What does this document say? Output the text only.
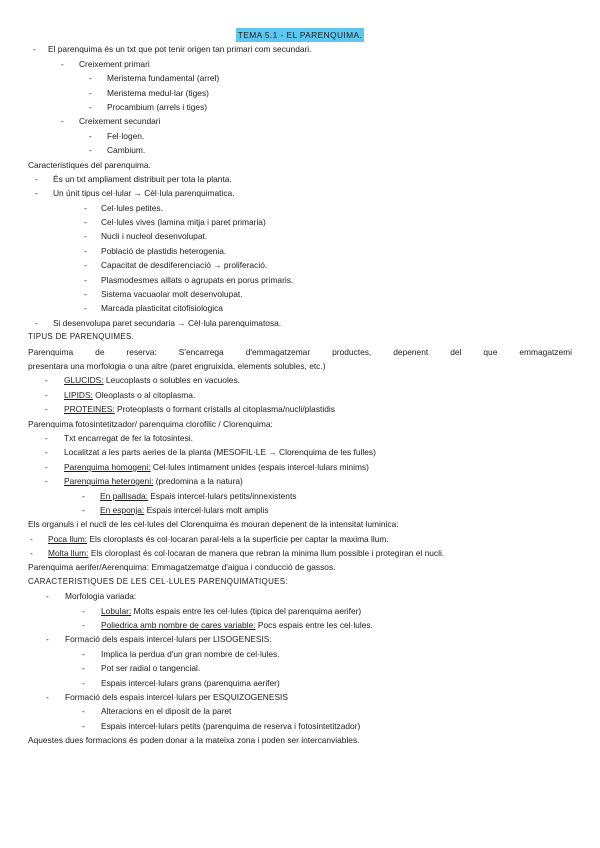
TEMA 5.1 - EL PARENQUIMA.
- El parenquima és un txt que pot tenir origen tan primari com secundari.
- Creixement primari
- Meristema fundamental (arrel)
- Meristema medul·lar (tiges)
- Procambium (arrels i tiges)
- Creixement secundari
- Fel·logen.
- Cambium.
Caracteristiques del parenquima.
- És un txt ampliament distribuit per tota la planta.
- Un únit tipus cel·lular → Cèl·lula parenquimatica.
- Cel·lules petites.
- Cel·lules vives (lamina mitja i paret primaria)
- Nucli i nucleol desenvolupat.
- Població de plastidis heterogenia.
- Capacitat de desdiferenciació → proliferació.
- Plasmodesmes aillats o agrupats en porus primaris.
- Sistema vacuaolar molt desenvolupat.
- Marcada plasticitat citofisiologica
- Si desenvolupa paret secundaria → Cèl·lula parenquimatosa.
TIPUS DE PARENQUIMES.
Parenquima de reserva: S'encarrega d'emmagatzemar productes, depenent del que emmagatzemi
presentara una morfologia o una altre (paret engruixida, elements solubles, etc.)
- GLUCIDS: Leucoplasts o solubles en vacuoles.
- LIPIDS: Oleoplasts o al citoplasma.
- PROTEINES: Proteoplasts o formant cristalls al citoplasma/nucli/plastidis
Parenquima fotosintetitzador/ parenquima clorofilic / Clorenquima:
- Txt encarregat de fer la fotosintesi.
- Localitzat a les parts aeries de la planta (MESOFIL·LE → Clorenquima de les fulles)
- Parenquima homogeni: Cel·lules intimament unides (espais intercel·lulars minims)
- Parenquima heterogeni: (predomina a la natura)
- En pallisada: Espais intercel·lulars petits/innexistents
- En esponja: Espais intercel·lulars molt amplis
Els organuls i el nucli de les cel·lules del Clorenquima és mouran depenent de la intensitat luminica:
- Poca llum: Els cloroplasts és col·locaran paral·lels a la superficie per captar la maxima llum.
- Molta llum: Els cloroplast és col·locaran de manera que rebran la minima llum possible i protegiran el nucli.
Parenquima aerifer/Aerenquima: Emmagatzematge d'aigua i conducció de gassos.
CARACTERISTIQUES DE LES CEL·LULES PARENQUIMATIQUES:
- Morfologia variada:
- Lobular: Molts espais entre les cel·lules (tipica del parenquima aerifer)
- Poliedrica amb nombre de cares variable: Pocs espais entre les cel·lules.
- Formació dels espais intercel·lulars per LISOGENESIS:
- Implica la perdua d'un gran nombre de cel·lules.
- Pot ser radial o tangencial.
- Espais intercel·lulars grans (parenquima aerifer)
- Formació dels espais intercel·lulars per ESQUIZOGENESIS
- Alteracions en el diposit de la paret
- Espais intercel·lulars petits (parenquima de reserva i fotosintetitzador)
Aquestes dues formacions és poden donar a la mateixa zona i poden ser intercanviables.
